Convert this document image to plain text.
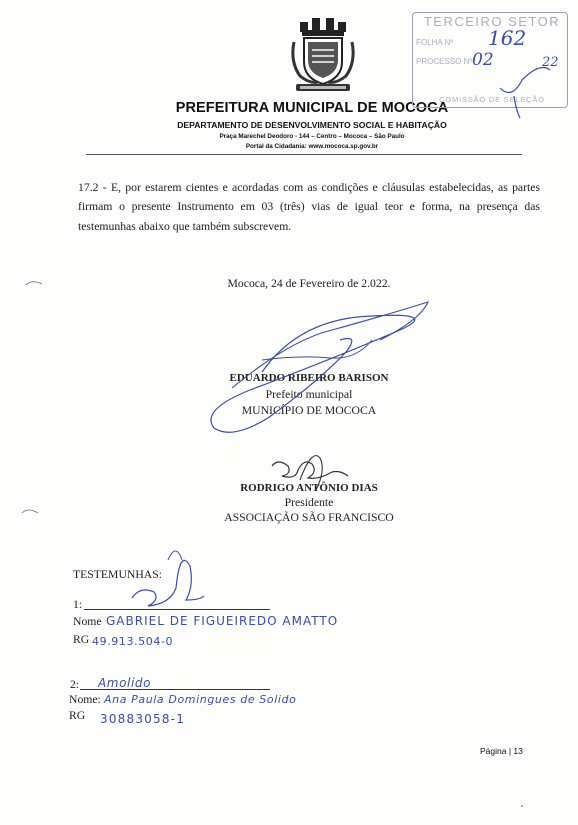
PREFEITURA MUNICIPAL DE MOCOCA
DEPARTAMENTO DE DESENVOLVIMENTO SOCIAL E HABITAÇÃO
Praça Marechel Deodoro - 144 – Centro – Mococa – São Paulo
Portal da Cidadania: www.mococa.sp.gov.br
TERCEIRO SETOR
FOLHA Nº
PROCESSO Nº
COMISSÃO DE SELEÇÃO
162
02	22
17.2 - E, por estarem cientes e acordadas com as condições e cláusulas estabelecidas, as partes firmam o presente Instrumento em 03 (três) vias de igual teor e forma, na presença das testemunhas abaixo que também subscrevem.
Mococa, 24 de Fevereiro de 2.022.
EDUARDO RIBEIRO BARISON
Prefeito municipal
MUNICÍPIO DE MOCOCA
RODRIGO ANTÔNIO DIAS
Presidente
ASSOCIAÇÃO SÃO FRANCISCO
TESTEMUNHAS:
1:
Nome
RG
GABRIEL DE FIGUEIREDO AMATTO
49.913.504-0
2: Amolido
Nome:
RG
Ana Paula Domingues de Solido
30883058-1
Página | 13
